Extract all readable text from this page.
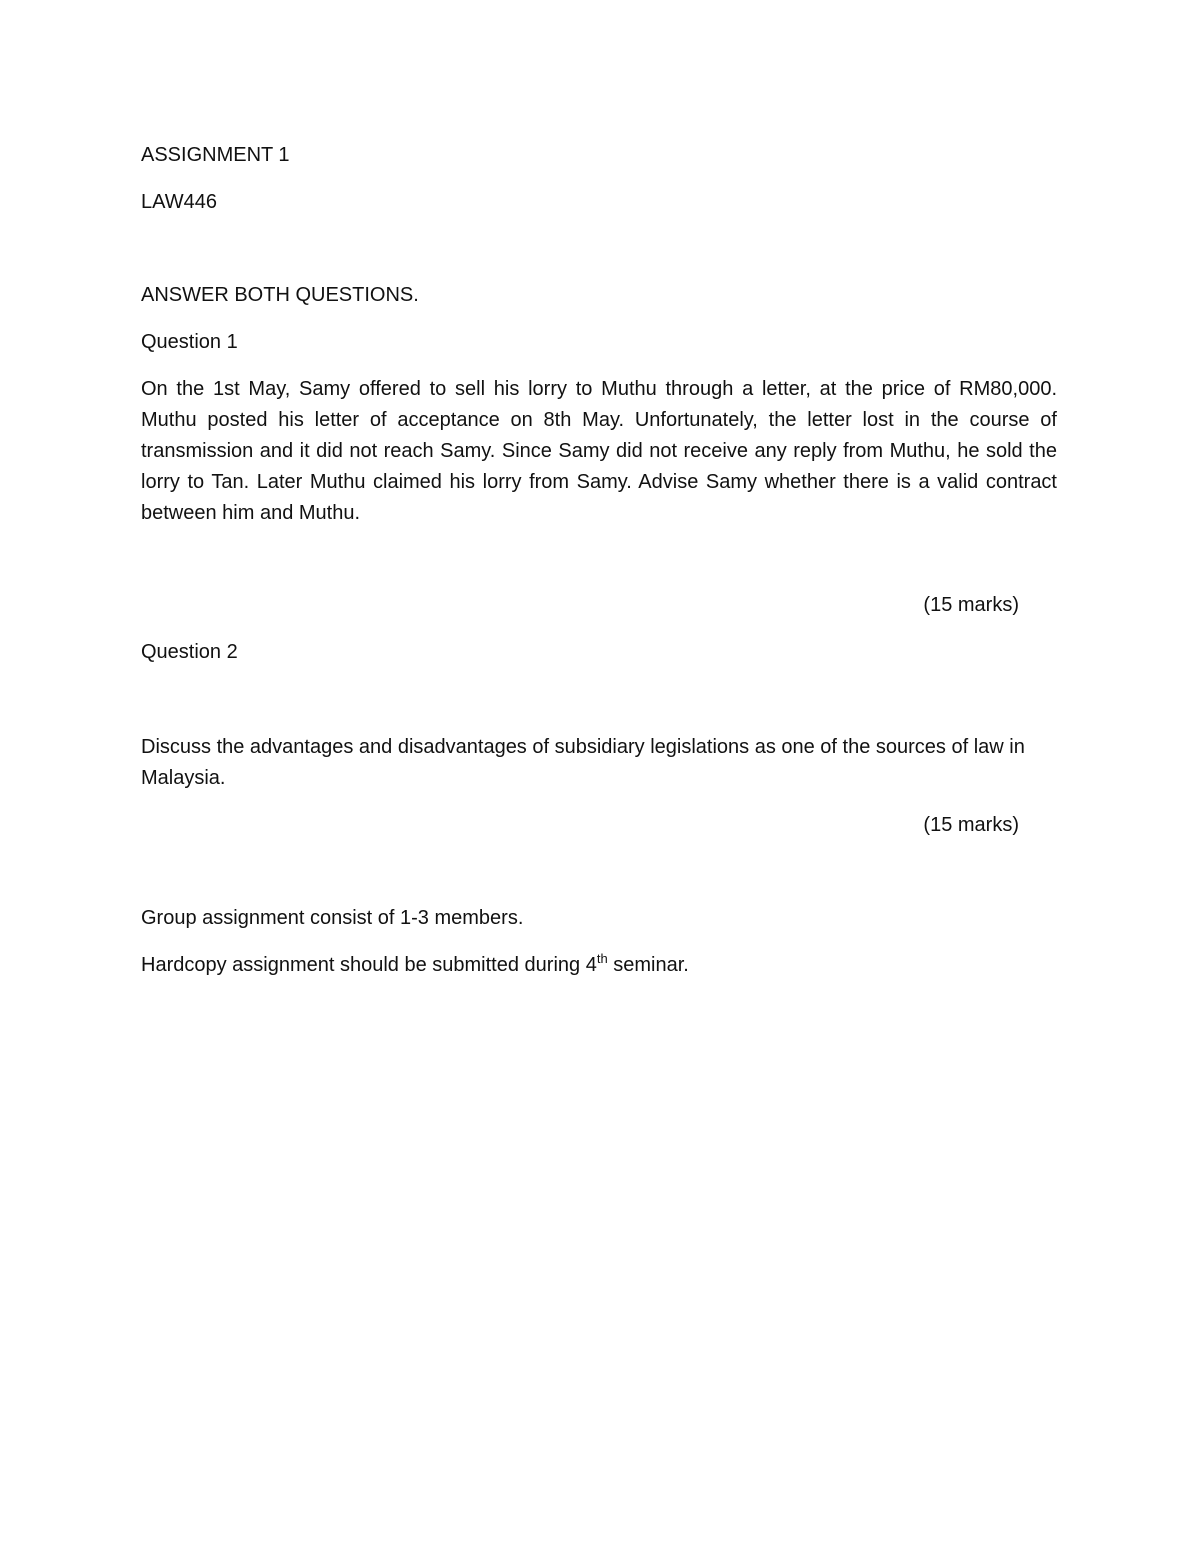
ASSIGNMENT 1

LAW446

ANSWER BOTH QUESTIONS.

Question 1

On the 1st May, Samy offered to sell his lorry to Muthu through a letter, at the price of RM80,000. Muthu posted his letter of acceptance on 8th May. Unfortunately, the letter lost in the course of transmission and it did not reach Samy. Since Samy did not receive any reply from Muthu, he sold the lorry to Tan. Later Muthu claimed his lorry from Samy. Advise Samy whether there is a valid contract between him and Muthu.

(15 marks)

Question 2

Discuss the advantages and disadvantages of subsidiary legislations as one of the sources of law in Malaysia.

(15 marks)

Group assignment consist of 1-3 members.

Hardcopy assignment should be submitted during 4th seminar.
